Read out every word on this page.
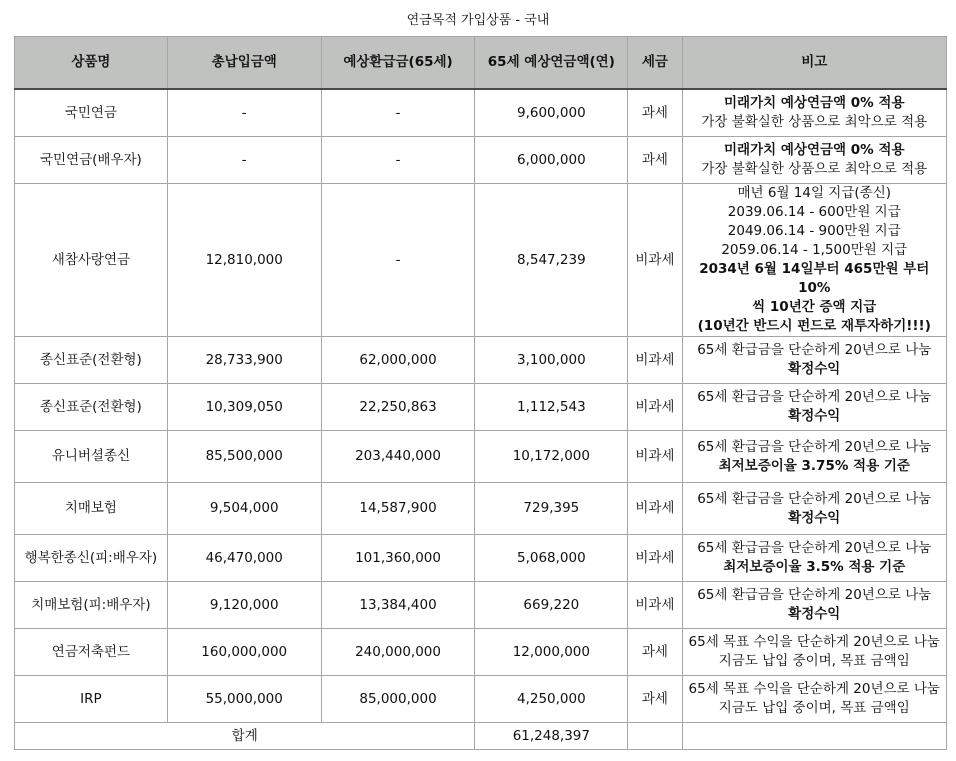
연금목적 가입상품 - 국내
상품명	총납입금액	예상환급금(65세)	65세 예상연금액(연)	세금	비고
국민연금	-	-	9,600,000	과세	미래가치 예상연금액 0% 적용
가장 불확실한 상품으로 최악으로 적용

국민연금(배우자)	-	-	6,000,000	과세	미래가치 예상연금액 0% 적용
가장 불확실한 상품으로 최악으로 적용

새참사랑연금	12,810,000	-	8,547,239	비과세	
매년 6월 14일 지급(종신)
2039.06.14 - 600만원 지급
2049.06.14 - 900만원 지급
2059.06.14 - 1,500만원 지급
2034년 6월 14일부터 465만원 부터 10%
씩 10년간 증액 지급
(10년간 반드시 펀드로 재투자하기!!!)

종신표준(전환형)	28,733,900	62,000,000	3,100,000	비과세	65세 환급금을 단순하게 20년으로 나눔
확정수익

종신표준(전환형)	10,309,050	22,250,863	1,112,543	비과세	65세 환급금을 단순하게 20년으로 나눔
확정수익

유니버셜종신	85,500,000	203,440,000	10,172,000	비과세	65세 환급금을 단순하게 20년으로 나눔
최저보증이율 3.75% 적용 기준

치매보험	9,504,000	14,587,900	729,395	비과세	65세 환급금을 단순하게 20년으로 나눔
확정수익

행복한종신(피:배우자)	46,470,000	101,360,000	5,068,000	비과세	65세 환급금을 단순하게 20년으로 나눔
최저보증이율 3.5% 적용 기준

치매보험(피:배우자)	9,120,000	13,384,400	669,220	비과세	65세 환급금을 단순하게 20년으로 나눔
확정수익

연금저축펀드	160,000,000	240,000,000	12,000,000	과세	65세 목표 수익을 단순하게 20년으로 나눔
지금도 납입 중이며, 목표 금액임

IRP	55,000,000	85,000,000	4,250,000	과세	65세 목표 수익을 단순하게 20년으로 나눔
지금도 납입 중이며, 목표 금액임

합계			61,248,397		
